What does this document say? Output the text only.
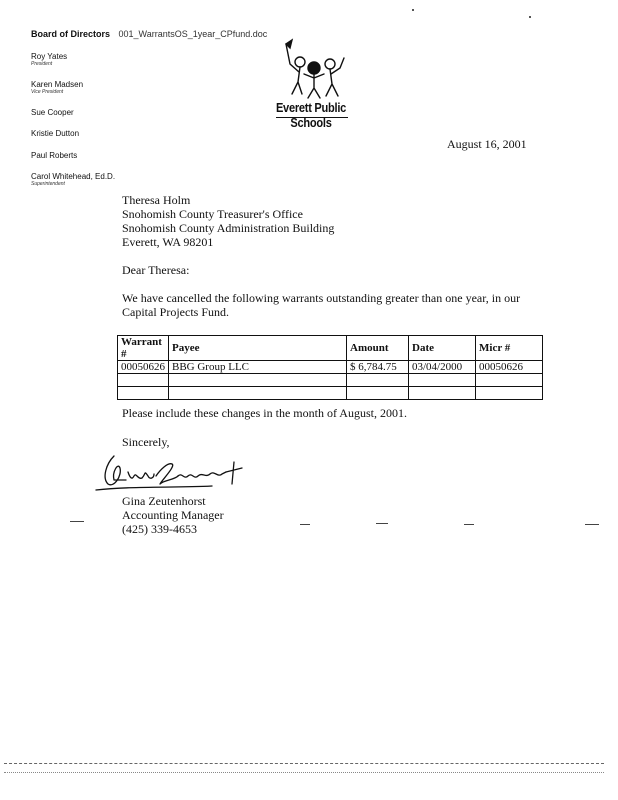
Board of Directors 001_WarrantsOS_1year_CPfund.doc
Roy Yates
President
Karen Madsen
Vice President
Sue Cooper
Kristie Dutton
Paul Roberts
Carol Whitehead, Ed.D.
Superintendent
Everett Public Schools
August 16, 2001
Theresa Holm
Snohomish County Treasurer's Office
Snohomish County Administration Building
Everett, WA 98201
Dear Theresa:
We have cancelled the following warrants outstanding greater than one year, in our
Capital Projects Fund.
Warrant #	Payee	Amount	Date	Micr #
00050626	BBG Group LLC	$ 6,784.75	03/04/2000	00050626

Please include these changes in the month of August, 2001.
Sincerely,
Gina Zeutenhorst
Accounting Manager
(425) 339-4653
